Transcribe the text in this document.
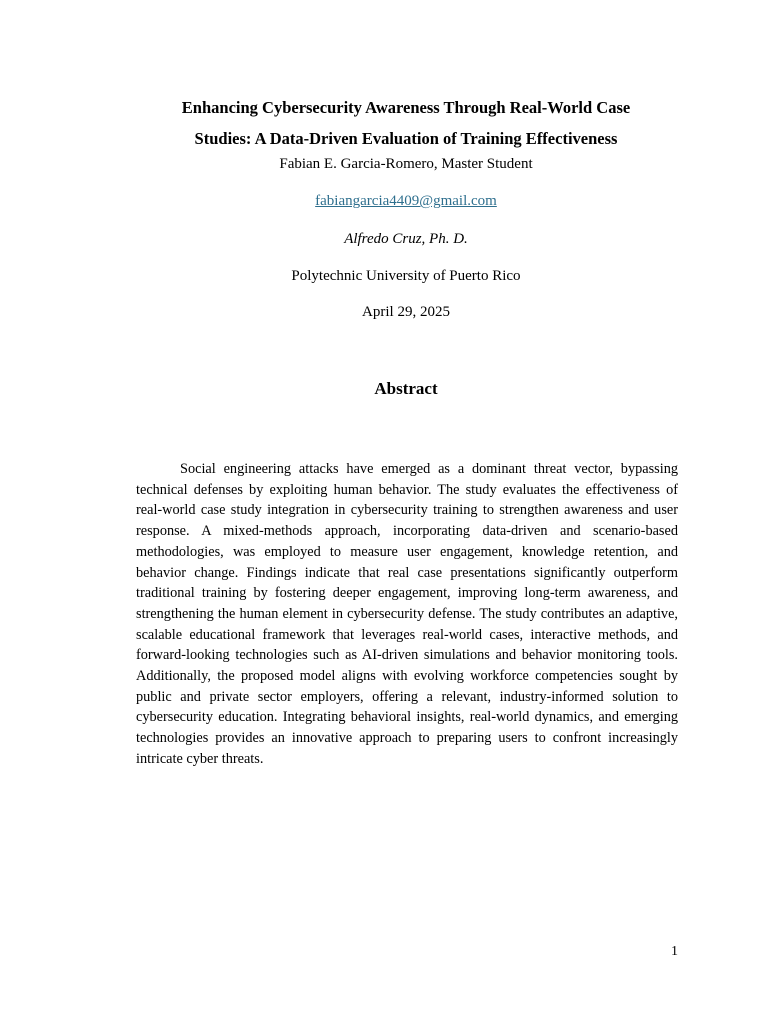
Enhancing Cybersecurity Awareness Through Real-World Case
Studies: A Data-Driven Evaluation of Training Effectiveness
Fabian E. Garcia-Romero, Master Student
fabiangarcia4409@gmail.com
Alfredo Cruz, Ph. D.
Polytechnic University of Puerto Rico
April 29, 2025
Abstract

Social engineering attacks have emerged as a dominant threat vector, bypassing technical defenses by exploiting human behavior. The study evaluates the effectiveness of real-world case study integration in cybersecurity training to strengthen awareness and user response. A mixed-methods approach, incorporating data-driven and scenario-based methodologies, was employed to measure user engagement, knowledge retention, and behavior change. Findings indicate that real case presentations significantly outperform traditional training by fostering deeper engagement, improving long-term awareness, and strengthening the human element in cybersecurity defense. The study contributes an adaptive, scalable educational framework that leverages real-world cases, interactive methods, and forward-looking technologies such as AI-driven simulations and behavior monitoring tools. Additionally, the proposed model aligns with evolving workforce competencies sought by public and private sector employers, offering a relevant, industry-informed solution to cybersecurity education. Integrating behavioral insights, real-world dynamics, and emerging technologies provides an innovative approach to preparing users to confront increasingly intricate cyber threats.

1
